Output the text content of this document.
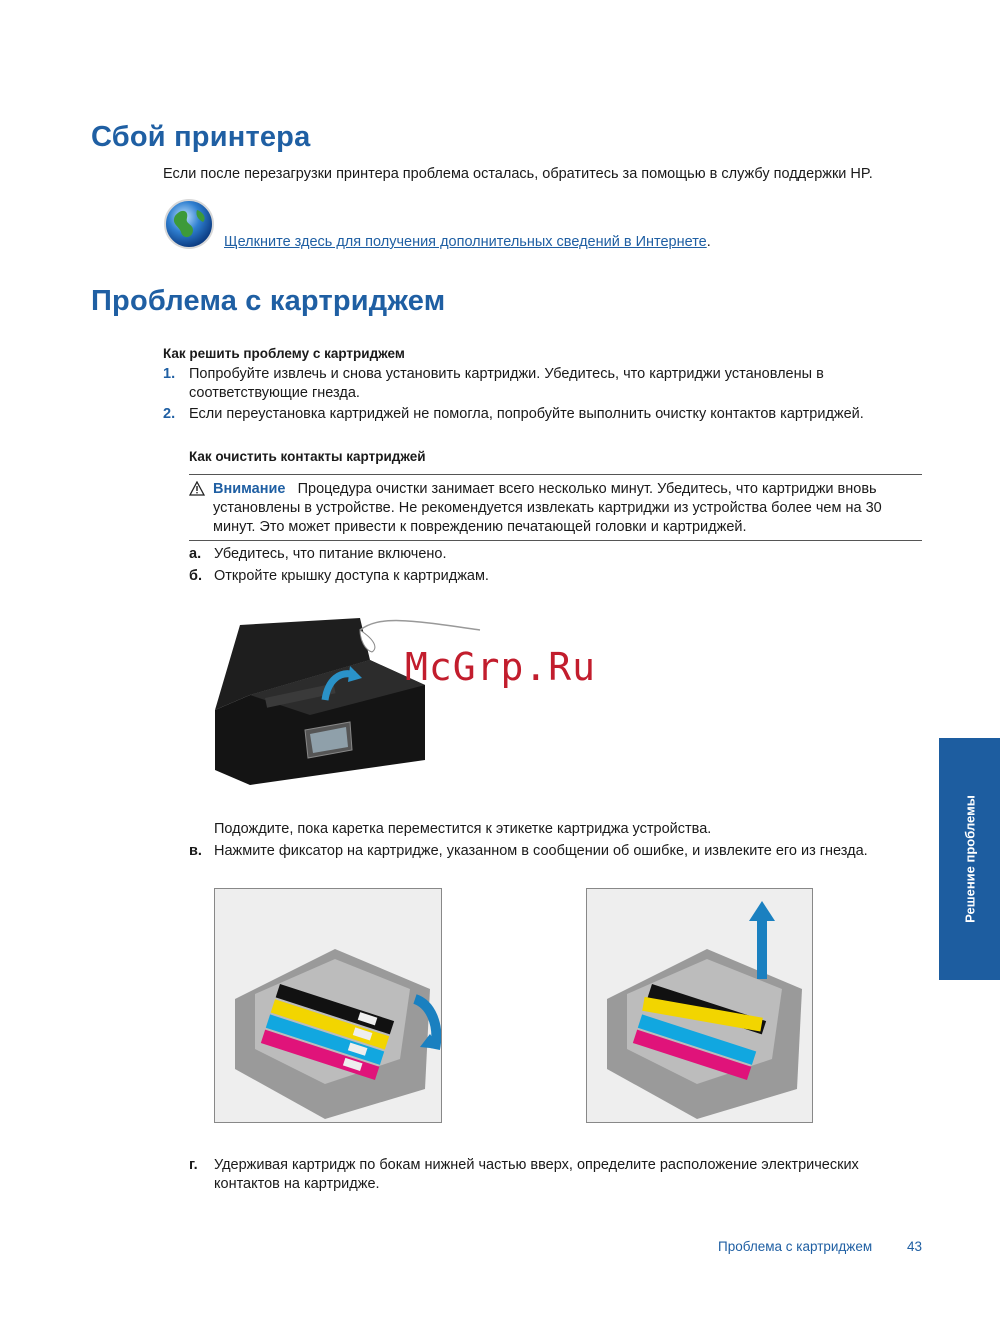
Сбой принтера
Если после перезагрузки принтера проблема осталась, обратитесь за помощью в службу поддержки HP.
Щелкните здесь для получения дополнительных сведений в Интернете.
Проблема с картриджем
Как решить проблему с картриджем
1. Попробуйте извлечь и снова установить картриджи. Убедитесь, что картриджи установлены в
соответствующие гнезда.
2. Если переустановка картриджей не помогла, попробуйте выполнить очистку контактов картриджей.
Как очистить контакты картриджей
Внимание Процедура очистки занимает всего несколько минут. Убедитесь, что картриджи вновь
установлены в устройстве. Не рекомендуется извлекать картриджи из устройства более чем на 30
минут. Это может привести к повреждению печатающей головки и картриджей.
а. Убедитесь, что питание включено.
б. Откройте крышку доступа к картриджам.
McGrp.Ru
Подождите, пока каретка переместится к этикетке картриджа устройства.
в. Нажмите фиксатор на картридже, указанном в сообщении об ошибке, и извлеките его из гнезда.
г. Удерживая картридж по бокам нижней частью вверх, определите расположение электрических
контактов на картридже.
Решение проблемы
Проблема с картриджем	43
